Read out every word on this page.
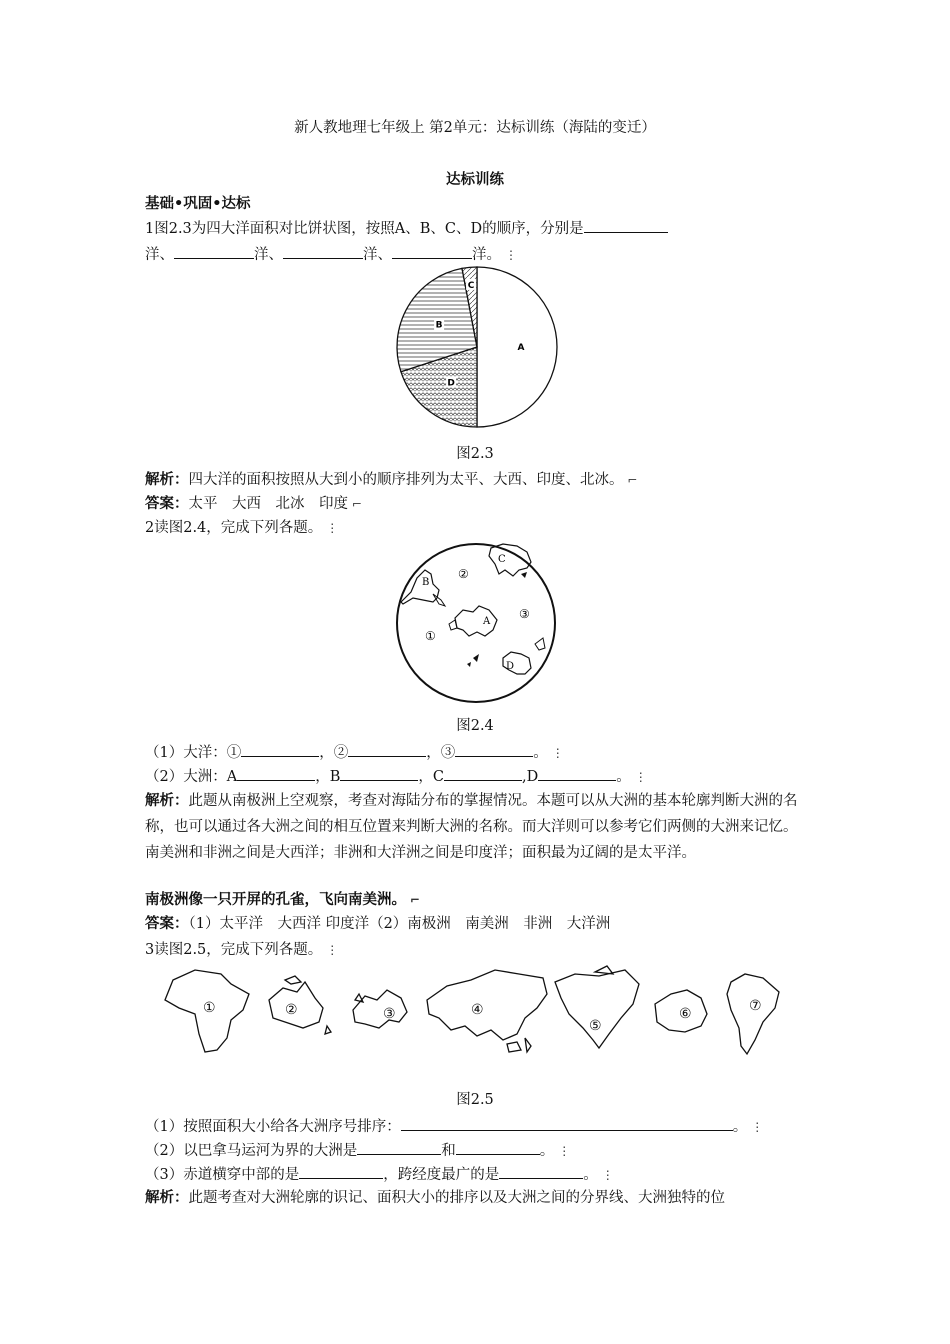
新人教地理七年级上 第2单元：达标训练（海陆的变迁）
达标训练
基础•巩固•达标
1图2.3为四大洋面积对比饼状图，按照A、B、C、D的顺序，分别是
洋、	洋、	洋、	洋。 ⋮
A
D
B
C
图2.3
解析：四大洋的面积按照从大到小的顺序排列为太平、大西、印度、北冰。 ⌐
答案：太平　大西　北冰　印度 ⌐
2读图2.4，完成下列各题。 ⋮
B
C
A
D
①
②
③
图2.4
（1）大洋：①	，②	，③	。 ⋮
（2）大洲：A	，B	，C	,D	。 ⋮
解析：此题从南极洲上空观察，考查对海陆分布的掌握情况。本题可以从大洲的基本轮廓判断大洲的名称，也可以通过各大洲之间的相互位置来判断大洲的名称。而大洋则可以参考它们两侧的大洲来记忆。南美洲和非洲之间是大西洋；非洲和大洋洲之间是印度洋；面积最为辽阔的是太平洋。
南极洲像一只开屏的孔雀，飞向南美洲。 ⌐
答案：（1）太平洋　大西洋 印度洋（2）南极洲　南美洲　非洲　大洋洲
3读图2.5，完成下列各题。 ⋮
①	②	③	④
⑤
⑥	⑦
图2.5
（1）按照面积大小给各大洲序号排序：	。 ⋮
（2）以巴拿马运河为界的大洲是	和	。 ⋮
（3）赤道横穿中部的是	，跨经度最广的是	。 ⋮
解析：此题考查对大洲轮廓的识记、面积大小的排序以及大洲之间的分界线、大洲独特的位
